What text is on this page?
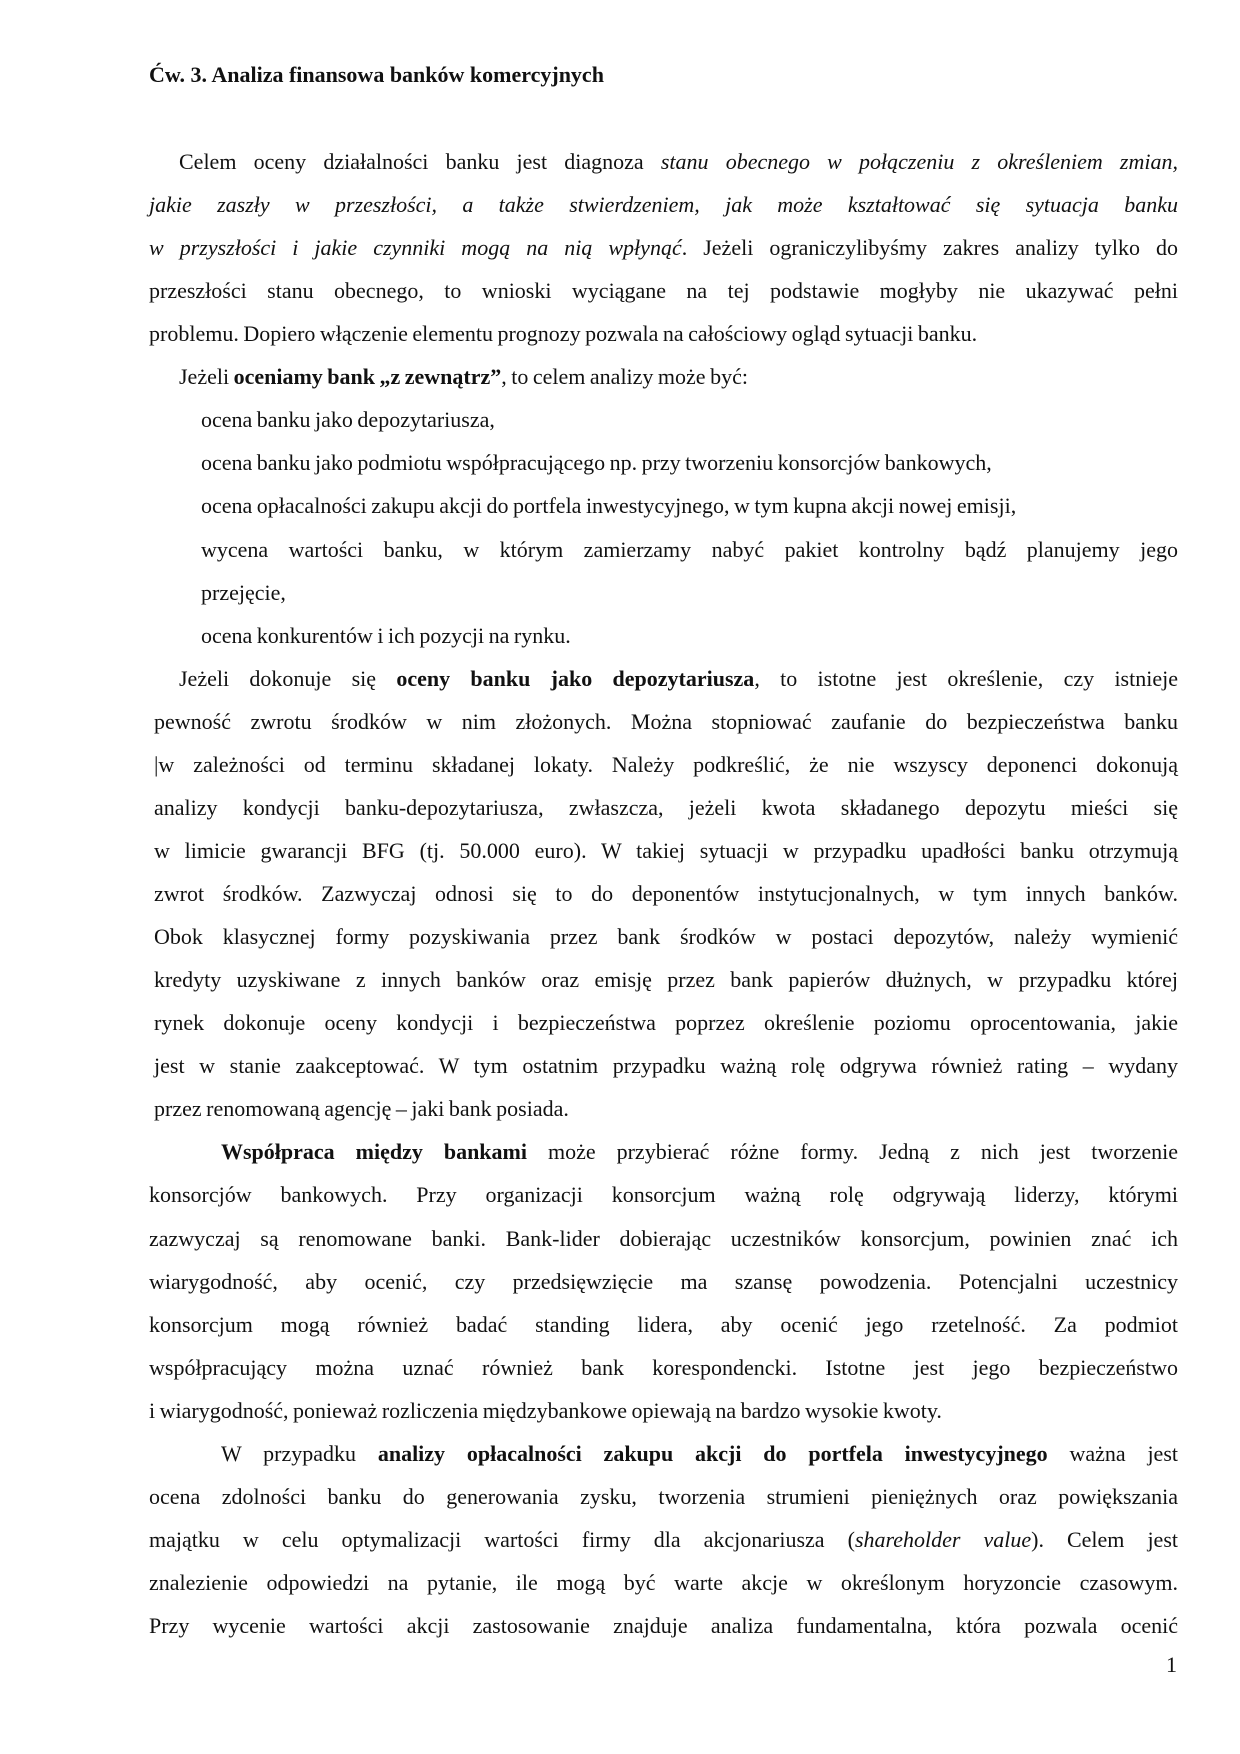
Ćw. 3. Analiza finansowa banków komercyjnych
Celem oceny działalności banku jest diagnoza stanu obecnego w połączeniu z określeniem zmian,
jakie zaszły w przeszłości, a także stwierdzeniem, jak może kształtować się sytuacja banku
w przyszłości i jakie czynniki mogą na nią wpłynąć. Jeżeli ograniczylibyśmy zakres analizy tylko do
przeszłości stanu obecnego, to wnioski wyciągane na tej podstawie mogłyby nie ukazywać pełni
problemu. Dopiero włączenie elementu prognozy pozwala na całościowy ogląd sytuacji banku.
Jeżeli oceniamy bank „z zewnątrz”, to celem analizy może być:
ocena banku jako depozytariusza,
ocena banku jako podmiotu współpracującego np. przy tworzeniu konsorcjów bankowych,
ocena opłacalności zakupu akcji do portfela inwestycyjnego, w tym kupna akcji nowej emisji,
wycena wartości banku, w którym zamierzamy nabyć pakiet kontrolny bądź planujemy jego
przejęcie,
ocena konkurentów i ich pozycji na rynku.
Jeżeli dokonuje się oceny banku jako depozytariusza, to istotne jest określenie, czy istnieje
pewność zwrotu środków w nim złożonych. Można stopniować zaufanie do bezpieczeństwa banku
|w zależności od terminu składanej lokaty. Należy podkreślić, że nie wszyscy deponenci dokonują
analizy kondycji banku-depozytariusza, zwłaszcza, jeżeli kwota składanego depozytu mieści się
w limicie gwarancji BFG (tj. 50.000 euro). W takiej sytuacji w przypadku upadłości banku otrzymują
zwrot środków. Zazwyczaj odnosi się to do deponentów instytucjonalnych, w tym innych banków.
Obok klasycznej formy pozyskiwania przez bank środków w postaci depozytów, należy wymienić
kredyty uzyskiwane z innych banków oraz emisję przez bank papierów dłużnych, w przypadku której
rynek dokonuje oceny kondycji i bezpieczeństwa poprzez określenie poziomu oprocentowania, jakie
jest w stanie zaakceptować. W tym ostatnim przypadku ważną rolę odgrywa również rating – wydany
przez renomowaną agencję – jaki bank posiada.
Współpraca między bankami może przybierać różne formy. Jedną z nich jest tworzenie
konsorcjów bankowych. Przy organizacji konsorcjum ważną rolę odgrywają liderzy, którymi
zazwyczaj są renomowane banki. Bank-lider dobierając uczestników konsorcjum, powinien znać ich
wiarygodność, aby ocenić, czy przedsięwzięcie ma szansę powodzenia. Potencjalni uczestnicy
konsorcjum mogą również badać standing lidera, aby ocenić jego rzetelność. Za podmiot
współpracujący można uznać również bank korespondencki. Istotne jest jego bezpieczeństwo
i wiarygodność, ponieważ rozliczenia międzybankowe opiewają na bardzo wysokie kwoty.
W przypadku analizy opłacalności zakupu akcji do portfela inwestycyjnego ważna jest
ocena zdolności banku do generowania zysku, tworzenia strumieni pieniężnych oraz powiększania
majątku w celu optymalizacji wartości firmy dla akcjonariusza (shareholder value). Celem jest
znalezienie odpowiedzi na pytanie, ile mogą być warte akcje w określonym horyzoncie czasowym.
Przy wycenie wartości akcji zastosowanie znajduje analiza fundamentalna, która pozwala ocenić
1
